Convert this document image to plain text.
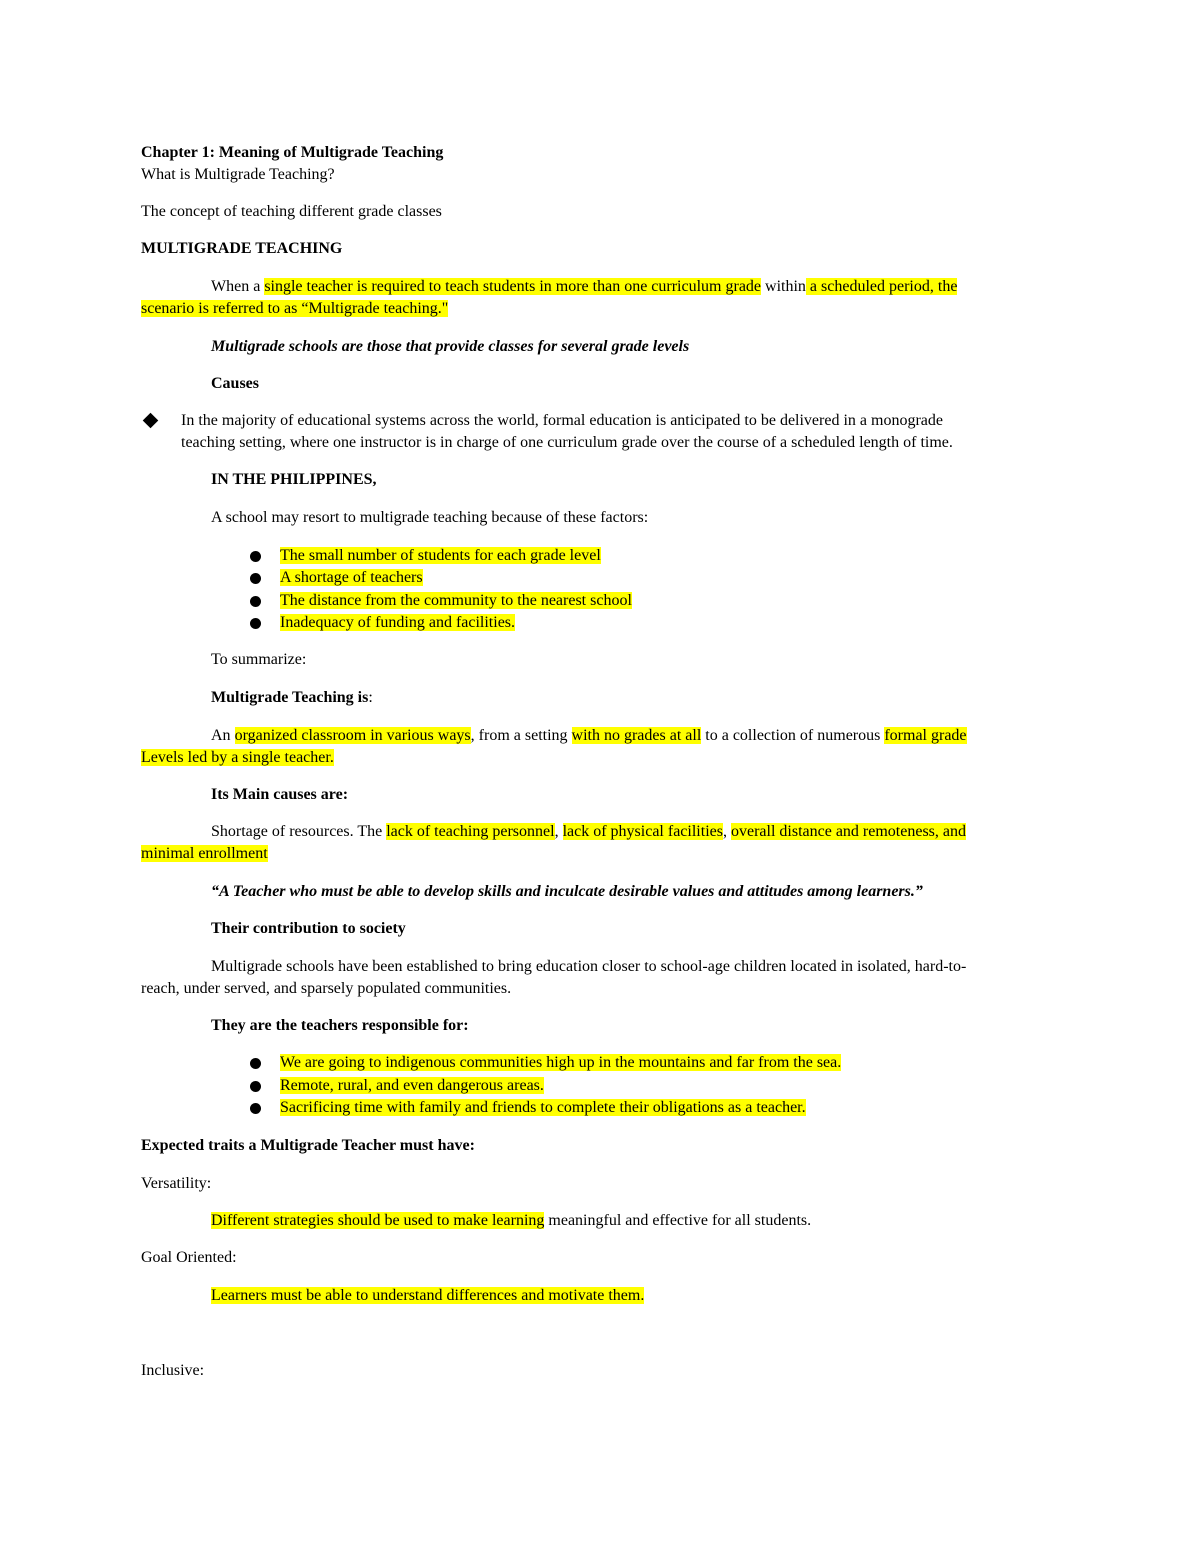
Chapter 1: Meaning of Multigrade Teaching
What is Multigrade Teaching?
The concept of teaching different grade classes
MULTIGRADE TEACHING
When a single teacher is required to teach students in more than one curriculum grade within a scheduled period, the
scenario is referred to as “Multigrade teaching."
Multigrade schools are those that provide classes for several grade levels
Causes
In the majority of educational systems across the world, formal education is anticipated to be delivered in a monograde
teaching setting, where one instructor is in charge of one curriculum grade over the course of a scheduled length of time.
IN THE PHILIPPINES,
A school may resort to multigrade teaching because of these factors:
The small number of students for each grade level
A shortage of teachers
The distance from the community to the nearest school
Inadequacy of funding and facilities.
To summarize:
Multigrade Teaching is:
An organized classroom in various ways, from a setting with no grades at all to a collection of numerous formal grade
Levels led by a single teacher.
Its Main causes are:
Shortage of resources. The lack of teaching personnel, lack of physical facilities, overall distance and remoteness, and
minimal enrollment
“A Teacher who must be able to develop skills and inculcate desirable values and attitudes among learners.”
Their contribution to society
Multigrade schools have been established to bring education closer to school-age children located in isolated, hard-to-
reach, under served, and sparsely populated communities.
They are the teachers responsible for:
We are going to indigenous communities high up in the mountains and far from the sea.
Remote, rural, and even dangerous areas.
Sacrificing time with family and friends to complete their obligations as a teacher.
Expected traits a Multigrade Teacher must have:
Versatility:
Different strategies should be used to make learning meaningful and effective for all students.
Goal Oriented:
Learners must be able to understand differences and motivate them.
Inclusive:
